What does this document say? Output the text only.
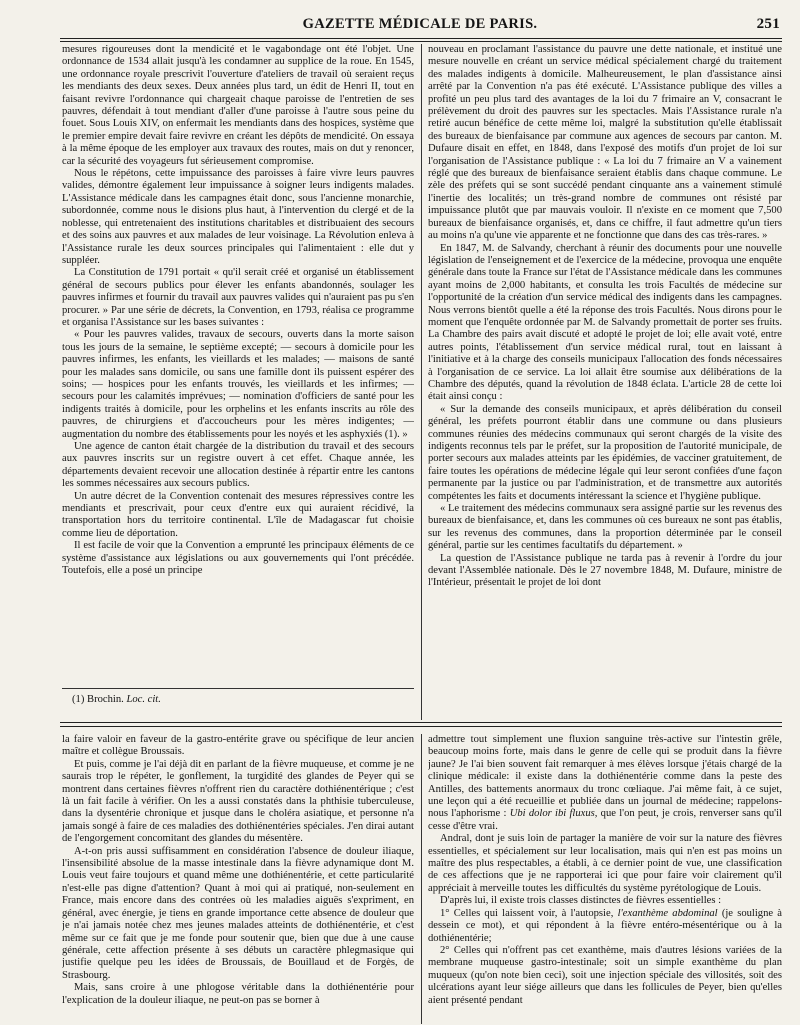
GAZETTE MÉDICALE DE PARIS.	251

mesures rigoureuses dont la mendicité et le vagabondage ont été l'objet. Une ordonnance de 1534 allait jusqu'à les condamner au supplice de la roue. En 1545, une ordonnance royale prescrivit l'ouverture d'ateliers de travail où seraient reçus les mendiants des deux sexes. Deux années plus tard, un édit de Henri II, tout en faisant revivre l'ordonnance qui chargeait chaque paroisse de l'entretien de ses pauvres, défendait à tout mendiant d'aller d'une paroisse à l'autre sous peine du fouet. Sous Louis XIV, on enfermait les mendiants dans des hospices, système que le premier empire devait faire revivre en créant les dépôts de mendicité. On essaya à la même époque de les employer aux travaux des routes, mais on dut y renoncer, car la sécurité des voyageurs fut sérieusement compromise.

Nous le répétons, cette impuissance des paroisses à faire vivre leurs pauvres valides, démontre également leur impuissance à soigner leurs indigents malades. L'Assistance médicale dans les campagnes était donc, sous l'ancienne monarchie, subordonnée, comme nous le disions plus haut, à l'intervention du clergé et de la noblesse, qui entretenaient des institutions charitables et distribuaient des secours et des soins aux pauvres et aux malades de leur voisinage. La Révolution enleva à l'Assistance rurale les deux sources principales qui l'alimentaient : elle dut y suppléer.

La Constitution de 1791 portait « qu'il serait créé et organisé un établissement général de secours publics pour élever les enfants abandonnés, soulager les pauvres infirmes et fournir du travail aux pauvres valides qui n'auraient pas pu s'en procurer. » Par une série de décrets, la Convention, en 1793, réalisa ce programme et organisa l'Assistance sur les bases suivantes :

« Pour les pauvres valides, travaux de secours, ouverts dans la morte saison tous les jours de la semaine, le septième excepté; — secours à domicile pour les pauvres infirmes, les enfants, les vieillards et les malades; — maisons de santé pour les malades sans domicile, ou sans une famille dont ils puissent espérer des soins; — hospices pour les enfants trouvés, les vieillards et les infirmes; — secours pour les calamités imprévues; — nomination d'officiers de santé pour les indigents traités à domicile, pour les orphelins et les enfants inscrits au rôle des pauvres, de chirurgiens et d'accoucheurs pour les mères indigentes; — augmentation du nombre des établissements pour les noyés et les asphyxiés (1). »

Une agence de canton était chargée de la distribution du travail et des secours aux pauvres inscrits sur un registre ouvert à cet effet. Chaque année, les départements devaient recevoir une allocation destinée à répartir entre les cantons les sommes nécessaires aux secours publics.

Un autre décret de la Convention contenait des mesures répressives contre les mendiants et prescrivait, pour ceux d'entre eux qui auraient récidivé, la transportation hors du territoire continental. L'île de Madagascar fut choisie comme lieu de déportation.

Il est facile de voir que la Convention a emprunté les principaux éléments de ce système d'assistance aux législations ou aux gouvernements qui l'ont précédée. Toutefois, elle a posé un principe

(1) Brochin. Loc. cit.

nouveau en proclamant l'assistance du pauvre une dette nationale, et institué une mesure nouvelle en créant un service médical spécialement chargé du traitement des malades indigents à domicile. Malheureusement, le plan d'assistance ainsi arrêté par la Convention n'a pas été exécuté. L'Assistance publique des villes a profité un peu plus tard des avantages de la loi du 7 frimaire an V, consacrant le prélèvement du droit des pauvres sur les spectacles. Mais l'Assistance rurale n'a retiré aucun bénéfice de cette même loi, malgré la substitution qu'elle établissait des bureaux de bienfaisance par commune aux agences de secours par canton. M. Dufaure disait en effet, en 1848, dans l'exposé des motifs d'un projet de loi sur l'organisation de l'Assistance publique : « La loi du 7 frimaire an V a vainement réglé que des bureaux de bienfaisance seraient établis dans chaque commune. Le zèle des préfets qui se sont succédé pendant cinquante ans a vainement stimulé l'inertie des localités; un très-grand nombre de communes ont résisté par impuissance plutôt que par mauvais vouloir. Il n'existe en ce moment que 7,500 bureaux de bienfaisance organisés, et, dans ce chiffre, il faut admettre qu'un tiers au moins n'a qu'une vie apparente et ne fonctionne que dans des cas très-rares. »

En 1847, M. de Salvandy, cherchant à réunir des documents pour une nouvelle législation de l'enseignement et de l'exercice de la médecine, provoqua une enquête générale dans toute la France sur l'état de l'Assistance médicale dans les communes ayant moins de 2,000 habitants, et consulta les trois Facultés de médecine sur l'opportunité de la création d'un service médical des indigents dans les campagnes. Nous verrons bientôt quelle a été la réponse des trois Facultés. Nous dirons pour le moment que l'enquête ordonnée par M. de Salvandy promettait de porter ses fruits. La Chambre des pairs avait discuté et adopté le projet de loi; elle avait voté, entre autres points, l'établissement d'un service médical rural, tout en laissant à l'initiative et à la charge des conseils municipaux l'allocation des fonds nécessaires à l'organisation de ce service. La loi allait être soumise aux délibérations de la Chambre des députés, quand la révolution de 1848 éclata. L'article 28 de cette loi était ainsi conçu :

« Sur la demande des conseils municipaux, et après délibération du conseil général, les préfets pourront établir dans une commune ou dans plusieurs communes réunies des médecins communaux qui seront chargés de la visite des indigents reconnus tels par le préfet, sur la proposition de l'autorité municipale, de porter secours aux malades atteints par les épidémies, de vacciner gratuitement, de faire toutes les opérations de médecine légale qui leur seront confiées d'une façon permanente par la justice ou par l'administration, et de transmettre aux autorités compétentes les faits et documents intéressant la science et l'hygiène publique.

« Le traitement des médecins communaux sera assigné partie sur les revenus des bureaux de bienfaisance, et, dans les communes où ces bureaux ne sont pas établis, sur les revenus des communes, dans la proportion déterminée par le conseil général, partie sur les centimes facultatifs du département. »

La question de l'Assistance publique ne tarda pas à revenir à l'ordre du jour devant l'Assemblée nationale. Dès le 27 novembre 1848, M. Dufaure, ministre de l'Intérieur, présentait le projet de loi dont

la faire valoir en faveur de la gastro-entérite grave ou spécifique de leur ancien maître et collègue Broussais.

Et puis, comme je l'ai déjà dit en parlant de la fièvre muqueuse, et comme je ne saurais trop le répéter, le gonflement, la turgidité des glandes de Peyer qui se montrent dans certaines fièvres n'offrent rien du caractère dothiénentérique ; c'est là un fait facile à vérifier. On les a aussi constatés dans la phthisie tuberculeuse, dans la dysentérie chronique et jusque dans le choléra asiatique, et personne n'a jamais songé à faire de ces maladies des dothiénentéries spéciales. J'en dirai autant de l'engorgement concomitant des glandes du mésentère.

A-t-on pris aussi suffisamment en considération l'absence de douleur iliaque, l'insensibilité absolue de la masse intestinale dans la fièvre adynamique dont M. Louis veut faire toujours et quand même une dothiénentérie, et cette particularité n'est-elle pas digne d'attention? Quant à moi qui ai pratiqué, non-seulement en France, mais encore dans des contrées où les maladies aiguës s'expriment, en général, avec énergie, je tiens en grande importance cette absence de douleur que je n'ai jamais notée chez mes jeunes malades atteints de dothiénentérie, et c'est même sur ce fait que je me fonde pour soutenir que, bien que due à une cause générale, cette affection présente à ses débuts un caractère phlegmasique qui justifie quelque peu les idées de Broussais, de Bouillaud et de Forgès, de Strasbourg.

Mais, sans croire à une phlogose véritable dans la dothiénentérie pour l'explication de la douleur iliaque, ne peut-on pas se borner à

admettre tout simplement une fluxion sanguine très-active sur l'intestin grêle, beaucoup moins forte, mais dans le genre de celle qui se produit dans la fièvre jaune? Je l'ai bien souvent fait remarquer à mes élèves lorsque j'étais chargé de la clinique médicale: il existe dans la dothiénentérie comme dans la peste des Antilles, des battements anormaux du tronc cœliaque. J'ai même fait, à ce sujet, une leçon qui a été recueillie et publiée dans un journal de médecine; rappelons-nous l'aphorisme : Ubi dolor ibi fluxus, que l'on peut, je crois, renverser sans qu'il cesse d'être vrai.

Andral, dont je suis loin de partager la manière de voir sur la nature des fièvres essentielles, et spécialement sur leur localisation, mais qui n'en est pas moins un maître des plus respectables, a établi, à ce dernier point de vue, une classification de ces affections que je ne rapporterai ici que pour faire voir clairement qu'il appréciait à merveille toutes les difficultés du système pyrétologique de Louis.

D'après lui, il existe trois classes distinctes de fièvres essentielles :

1° Celles qui laissent voir, à l'autopsie, l'exanthème abdominal (je souligne à dessein ce mot), et qui répondent à la fièvre entéro-mésentérique ou à la dothiénentérie;

2° Celles qui n'offrent pas cet exanthème, mais d'autres lésions variées de la membrane muqueuse gastro-intestinale; soit un simple exanthème du plan muqueux (qu'on note bien ceci), soit une injection spéciale des villosités, soit des ulcérations ayant leur siége ailleurs que dans les follicules de Peyer, bien qu'elles aient présenté pendant
